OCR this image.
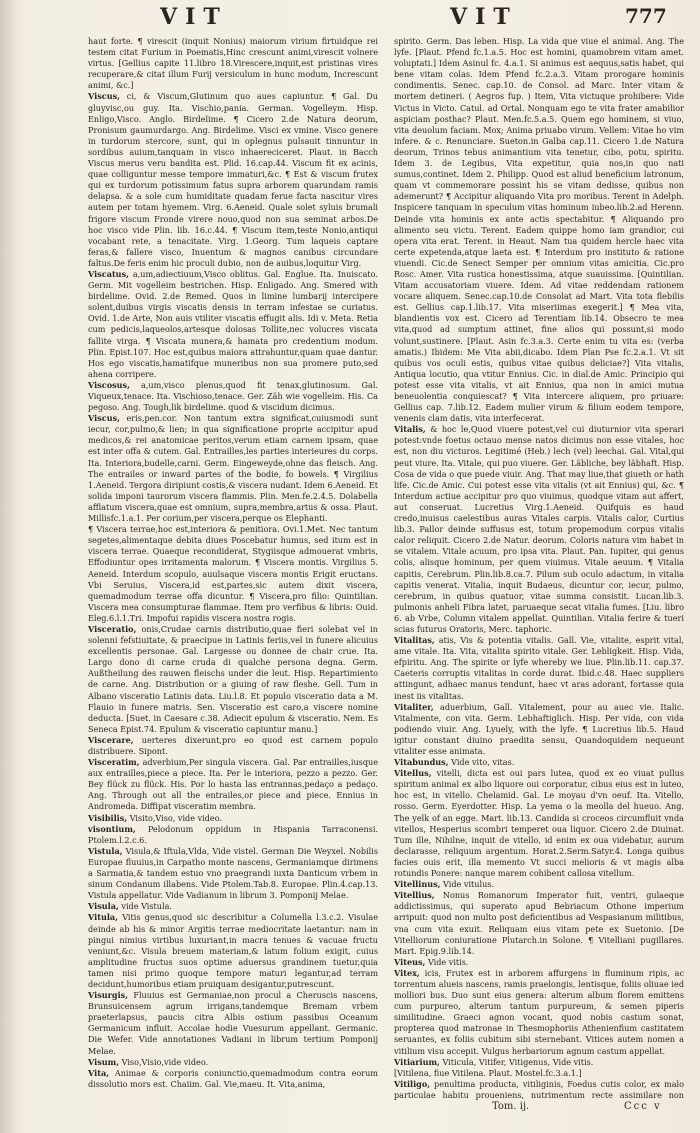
VIT	VIT	777

haut forte. ¶ virescit (inquit Nonius) maiorum virium firtuidque rei testem citat Furium in Poematis,Hinc crescunt animi,virescit volnere virtus. [Gellius capite 11.libro 18.Virescere,inquit,est pristinas vires recuperare,& citat illum Furij versiculum in hunc modum, Increscunt animi, &c.]

Viscus, ci, & Viscum,Glutinum quo aues capiuntur. ¶ Gal. Du gluyvisc,ou guy. Ita. Vischio,pania. German. Vogelleym. Hisp. Enligo,Visco. Anglo. Birdelime. ¶ Cicero 2.de Natura deorum, Pronisum gaumurdargo. Ang. Birdelime. Visci ex vmine. Visco genere in turdorum stercore, sunt, qui in oplegnus pulsauit tinnuntur in sordibus auium,tanquam in visco inhaereciceret. Plaut. in Bacch Viscus merus veru bandita est. Plid. 16.cap.44. Viscum fit ex acinis, quae colliguntur messe tempore immaturi,&c. ¶ Est & viscum frutex qui ex turdorum potissimum fatus supra arborem quarundam ramis delapsa. & a sole cum humiditate quadam ferue facta nascitur vires autem per totam hyemem. Virg. 6.Aeneid. Quale solet syluis brumali frigore viscum Fronde virere nouo,quod non sua seminat arbos.De hoc visco vide Plin. lib. 16.c.44. ¶ Viscum item,teste Nonio,antiqui vocabant rete, a tenacitate. Virg. 1.Georg. Tum laqueis captare feras,& fallere visco, Inuentum & magnos canibus circundare faltus.De feris enim hic proculi dubio, non de auibus,loquitur Virg.

Viscatus, a,um,adiectiuum,Visco oblitus. Gal. Englue. Ita. Inuiscato. Germ. Mit vogelleim bestrichen. Hisp. Enligado. Ang. Smered with birdelime. Ovid. 2.de Remed. Quos in limine lumbarij intercipere solent,duibus virgis viscatis densis in terram infestae se curiatus. Ovid. 1.de Arte, Non auis vtiliter viscatis effugit alis. Idi v. Meta. Retia cum pedicis,laqueolos,artesque dolosas Tollite,nec volucres viscata fallite virga. ¶ Viscata munera,& hamata pro credentium modum. Plin. Epist.107. Hoc est,quibus maiora attrahuntur,quam quae dantur. Hos ego viscatis,hamatifque muneribus non sua promere puto,sed ahena corripere.

Viscosus, a,um,visco plenus,quod fit tenax,glutinosum. Gal. Viqueux,tenace. Ita. Vischioso,tenace. Ger. Zäh wie vogelleim. His. Ca pegoso. Ang. Tough,lik birdelime. quod & viscidum dicimus.

Viscus, eris,pen.cor. Non tantum extra significat,cuiusmodi sunt iecur, cor,pulmo,& lien; in qua significatione proprie accipitur apud medicos,& rei anatomicae peritos,verum etiam carnem ipsam, quae est inter offa & cutem. Gal. Entrailles,les parties interieures du corps. Ita. Interiora,budelle,carni. Germ. Eingeweyde,ohne das fleisch. Ang. The entrailes or inward partes of the bodie, fo bowels. ¶ Virgilius 1.Aeneid. Tergora diripiunt costis,& viscera nudant. Idem 6.Aeneid. Et solida imponi taurorum viscera flammis. Plin. Men.fe.2.4.5. Dolabella afflatum viscera,quae est omnium, supra,membra,artus & ossa. Plaut. Millisfc.1.a.1. Per corium,per viscera,perque os Elephanti.

¶ Viscera terrae,hoc est,interiora & penitiora. Ovi.1.Met. Nec tantum segetes,alimentaque debita diues Poscebatur humus, sed itum est in viscera terrae. Quaeque recondiderat, Stygiisque admouerat vmbris, Effodiuntur opes irritamenta malorum. ¶ Viscera montis. Virgilius 5. Aeneid. Interdum scopulo, auulsaque viscera montis Erigit eructans. Vbi Seruius, Viscera,id est,partes,sic autem dixit viscera, quemadmodum terrae offa dicuntur. ¶ Viscera,pro filio: Quintilian. Viscera mea consumpturae flammae. Item pro verfibus & libris: Ouid. Eleg.6.l.1.Tri. Impofui rapidis viscera nostra rogis.

Visceratio, onis,Crudae carnis distributio,quae fieri solebat vel in solenni fefstiuitate, & praecipue in Latinis feriis,vel in funere alicuius excellentis personae. Gal. Largesse ou donnee de chair crue. Ita. Largo dono di carne cruda di qualche persona degna. Germ. Außtheilung des rauwen fleischs under die leut. Hisp. Repartimiento de carne. Ang. Distribution or a giuing of raw fleshe. Gell. Tum in Albano visceratio Latinis data. Liu.l.8. Et populo visceratio data a M. Flauio in funere matris. Sen. Visceratio est caro,a viscere nomine deducta. [Suet. in Caesare c.38. Adiecit epulum & visceratio. Nem. Es Seneca Epist.74. Epulum & visceratio capiuntur manu.]

Viscerare, uerteres dixerunt,pro eo quod est carnem populo distribuere. Sipont.

Visceratim, adverbium,Per singula viscera. Gal. Par entrailles,iusque aux entrailles,piece a piece. Ita. Per le interiora, pezzo a pezzo. Ger. Bey flück zu flück. His. Por lo hasta las entrannas,pedaço a pedaço. Ang. Through out all the entrailes,or piece and piece. Ennius in Andromeda. Diffipat visceratim membra.

Visibilis, Visito,Viso, vide video.

visontium, Pelodonum oppidum in Hispania Tarraconensi. Ptolem.l.2.c.6.

Vistula, Visula,& Iftula,Vlda, Vide vistel. German Die Weyxel. Nobilis Europae fluuius,in Carpatho monte nascens, Germaniamque dirimens a Sarmatia,& tandem estuo vno praegrandi iuxta Danticum vrbem in sinum Condanum illabens. Vide Ptolem.Tab.8. Europae. Plin.4.cap.13. Vistula appellatur. Vide Vadianum in librum 3. Pomponij Melae.

Visula, vide Vistula.

Vitula, Vitis genus,quod sic describitur a Columella l.3.c.2. Visulae deinde ab his & minor Argitis terrae mediocritate laetantur: nam in pingui nimius virtibus luxuriant,in macra tenues & vacuae fructu veniunt,&c. Visula breuem materiam,& latum folium exigit, cuius amplitudine fructus suos optime aduersus grandinem tuetur,quia tamen nisi primo quoque tempore maturi legantur,ad terram decidunt,humoribus etiam pruiquam desigantur,putrescunt.

Visurgis, Fluuius est Germaniae,non procul a Cheruscis nascens, Brunsuicensem agrum irrigans,tandemque Bremam vrbem praeterlapsus, paucis citra Albis ostium passibus Oceanum Germanicum influit. Accolae hodie Vuesurum appellant. Germanic. Die Wefer. Vide annotationes Vadiani in librum tertium Pomponij Melae.

Visum, Viso,Visio,vide video.

Vita, Animae & corporis coniunctio,quemadmodum contra eorum dissolutio mors est. Chaiim. Gal. Vie,maeu. It. Vita,anima,

spirito. Germ. Das leben. Hisp. La vida que viue el animal. Ang. The lyfe. [Plaut. Pfend fc.1.a.5. Hoc est homini, quamobrem vitam amet. voluptati.] Idem Asinul fc. 4.a.1. Si animus est aequus,satis habet, qui bene vitam colas. Idem Pfend fc.2.a.3. Vitam prorogare hominis condimentis. Senec. cap.10. de Consol. ad Marc. Inter vitam & mortem detineri. ( Aegros fup. ) Item, Vita victuque prohibere: Vide Victus in Victo. Catul. ad Ortal. Nonquam ego te vita frater amabilior aspiciam posthac? Plaut. Men.fc.5.a.5. Quem ego hominem, si viuo, vita deuolum faciam. Mox; Anima priuabo virum. Vellem: Vitae ho vim infere. & c. Renunciare. Sueton.in Galba cap.11. Cicero 1.de Natura deorum, Trinos tebus animantium vita tenetur, cibo, potu, spiritu. Idem 3. de Legibus, Vita expetitur, quia nos,in quo nati sumus,continet. Idem 2. Philipp. Quod est aliud beneficium latronum, quam vt commemorare possint his se vitam dedisse, quibus non ademerunt? ¶ Accipitur aliquando Vita pro moribus. Terent in Adelph. Inspicere tanquam in speculum vitas hominum iubeo.lib.2.ad Herenn. Deinde vita hominis ex ante actis spectabitur. ¶ Aliquando pro alimento seu victu. Terent. Eadem quippe homo iam grandior, cui opera vita erat. Terent. in Heaut. Nam tua quidem hercle haec vita certe expetenda,atque laeta est. ¶ Interdum pro instituto & ratione viuendi. Cic.de Senect Semper per omnium vitas amicitia. Cic.pro Rosc. Amer. Vita rustica honestissima, atque suauissima. [Quintilian. Vitam accusatoriam viuere. Idem. Ad vitae reddendam rationem vocare aliquem. Senec.cap.10.de Consolat ad Mart. Vita tota flebilis est. Gellius cap.1.lib.17. Vita miseriimas exegerit.] ¶ Mea vita, blandientis vox est. Cicero ad Terentiam lib.14. Obsecro te mea vita,quod ad sumptum attinet, fine alios qui possunt,si modo volunt,sustinere. [Plaut. Asin fc.3.a.3. Certe enim tu vita es: (verba amatis.) Ibidem: Me Vita abii,dicabo. Idem Plan Pse fc.2.a.1. Vt sit quibus vos oculi estis, quibus vitae quibus deliciae?] Vita vitalis, Antiqua locutio, qua vtitur Ennius. Cic. in dial.de Amic. Principio qui potest esse vita vitalis, vt ait Ennius, qua non in amici mutua beneuolentia conquiescat? ¶ Vita intercere aliquem, pro priuare: Gellius cap. 7.lib.12. Eadem mulier virum & filium eodem tempore, venenis clam datis, vita interfecerat.

Vitalis, & hoc le,Quod viuere potest,vel cui diuturnior vita sperari potest:vnde foetus octauo mense natos dicimus non esse vitales, hoc est, non diu victuros. Legitimé (Heb.) lech (vel) leechai. Gal. Vital,qui peut viure. Ita. Vitale, qui puo viuere. Ger. Läbliche, bey läbhaft. Hisp. Cosa de vida o que puede viuir. Ang. That may liue,that giueth or hath life. Cic.de Amic. Cui potest esse vita vitalis (vt ait Ennius) qui, &c. ¶ Interdum actiue accipitur pro quo viuimus, quodque vitam aut affert, aut conseruat. Lucretius Virg.1.Aeneid. Quifquis es haud credo,inuisus caelestibus auras Vitales carpis. Vitalis calor, Curtius lib.3. Pallor deinde suffusus est, totum propemodum corpus vitalis calor reliquit. Cicero 2.de Natur. deorum. Coloris natura vim habet in se vitalem. Vitale acuum, pro ipsa vita. Plaut. Pan. Iupiter, qui genus colis, alisque hominum, per quem viuimus. Vitale aeuum. ¶ Vitalia capitis, Cerebrum. Plin.lib.8.ca.7. Pilum sub oculo adactum, in vitalia capitis venerat. Vitalia, inquit Budaeus, dicuntur cor, iecur, pulmo, cerebrum, in quibus quatuor, vitae summa consistit. Lucan.lib.3. pulmonis anheli Fibra latet, paruaeque secat vitalia fumes. [Liu. libro 6. ab Vrbe, Column vitalem appellat. Quintilian. Vitalia ferire & tueri scias futurus Oratoris, Merc. taphoric.

Vitalitas, atis, Vis & potentia vitalis. Gall. Vie, vitalite, esprit vital, ame vitale. Ita. Vita, vitalita spirito vitale. Ger. Lebligkeit. Hisp. Vida, efpiritu. Ang. The spirite or lyfe whereby we liue. Plin.lib.11. cap.37. Caeteris corruptis vitalitas in corde durat. Ibid.c.48. Haec suppliers attingunt, adhaec manus tendunt, haec vt aras adorant, fortasse quia inest iis vitalitas.

Vitaliter, aduerbium, Gall. Vitalement, pour au auec vie. Italic. Vitalmente, con vita. Germ. Lebhaftiglich. Hisp. Per vida, con vida podiendo viuir. Ang. Lyuely, with the lyfe. ¶ Lucretius lib.5. Haud igitur constant diuino praedita sensu, Quandoquidem nequeunt vitaliter esse animata.

Vitabundus, Vide vito, vitas.

Vitellus, vitelli, dicta est oui pars lutea, quod ex eo viuat pullus spiritum animal ex albo liquore oui corporatur, cibus eius est in luteo, hoc est, in vitello. Chelamid. Gal. Le moyau d'vn oeuf. Ita. Vitello, rosso. Germ. Eyerdotter. Hisp. La yema o la meolla del hueuo. Ang. The yelk of an egge. Mart. lib.13. Candida si croceos circumfluit vnda vitellos, Hesperius scombri temperet oua liquor. Cicero 2.de Diuinat. Tum ille, Nihilne, inquit de vitello, id enim ex oua videbatur, aurum declarasse, reliquum argentum. Horat.2.Serm.Satyr.4. Longa quibus facies ouis erit, illa memento Vt succi melioris & vt magis alba rotundis Ponere: nanque marem cohibent callosa vitellum.

Vitellinus, Vide vitulus.

Vitellius, Nonus Romanorum Imperator fuit, ventri, gulaeque addictissimus, qui superato apud Bebriacum Othone imperium arripuit: quod non multo post deficientibus ad Vespasianum militibus, vna cum vita exuit. Reliquam eius vitam pete ex Suetonio. [De Vitelliorum coniuratione Plutarch.in Solone. ¶ Vitelliani pugillares. Mart. Epig.9.lib.14.

Viteus, Vide vitis.

Vitex, icis, Frutex est in arborem affurgens in fluminum ripis, ac torrentum alueis nascens, ramis praelongis, lentisque, foliis oliuae ied molliori bus. Duo sunt eius genera: alterum album florem emittens cum purpureo, alterum tantum purpureum, & semen piperis similitudine. Graeci agnon vocant, quod nobis castum sonat, propterea quod matronae in Thesmophoriis Athenienfium castitatem seruantes, ex foliis cubitum sibi sternebant. Vitices autem nomen a vitilium visu accepit. Vulgus herbariorum agnum castum appellat.

Vitiarium, Viticula, Vitifer, Vitigenus, Vide vitis.

[Vitilena, fiue Vitilena. Plaut. Mostel.fc.3.a.1.]

Vitiligo, penultima producta, vitiliginis, Foedus cutis color, ex malo particulae habitu proueniens, nutrimentum recte assimilare non

Tom. ij.	Ccc v
